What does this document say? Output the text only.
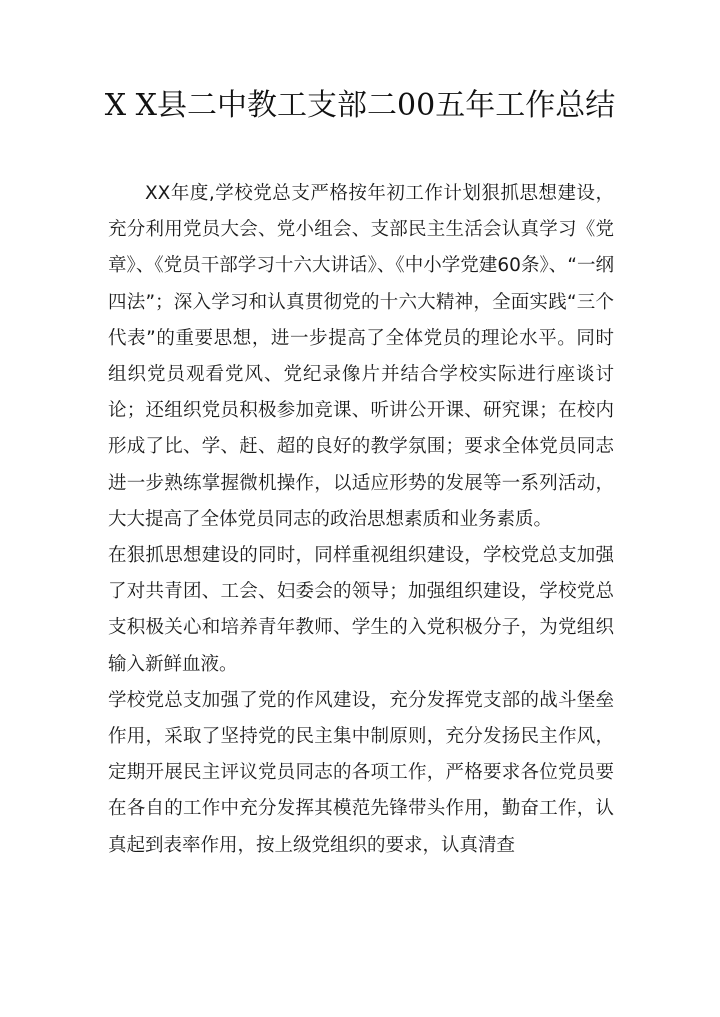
X X县二中教工支部二00五年工作总结

XX年度,学校党总支严格按年初工作计划狠抓思想建设，充分利用党员大会、党小组会、支部民主生活会认真学习《党章》、《党员干部学习十六大讲话》、《中小学党建60条》、“一纲四法”；深入学习和认真贯彻党的十六大精神，全面实践“三个代表”的重要思想，进一步提高了全体党员的理论水平。同时组织党员观看党风、党纪录像片并结合学校实际进行座谈讨论；还组织党员积极参加竞课、听讲公开课、研究课；在校内形成了比、学、赶、超的良好的教学氛围；要求全体党员同志进一步熟练掌握微机操作，以适应形势的发展等一系列活动，大大提高了全体党员同志的政治思想素质和业务素质。

在狠抓思想建设的同时，同样重视组织建设，学校党总支加强了对共青团、工会、妇委会的领导；加强组织建设，学校党总支积极关心和培养青年教师、学生的入党积极分子，为党组织输入新鲜血液。

学校党总支加强了党的作风建设，充分发挥党支部的战斗堡垒作用，采取了坚持党的民主集中制原则，充分发扬民主作风，定期开展民主评议党员同志的各项工作，严格要求各位党员要在各自的工作中充分发挥其模范先锋带头作用，勤奋工作，认真起到表率作用，按上级党组织的要求，认真清查
